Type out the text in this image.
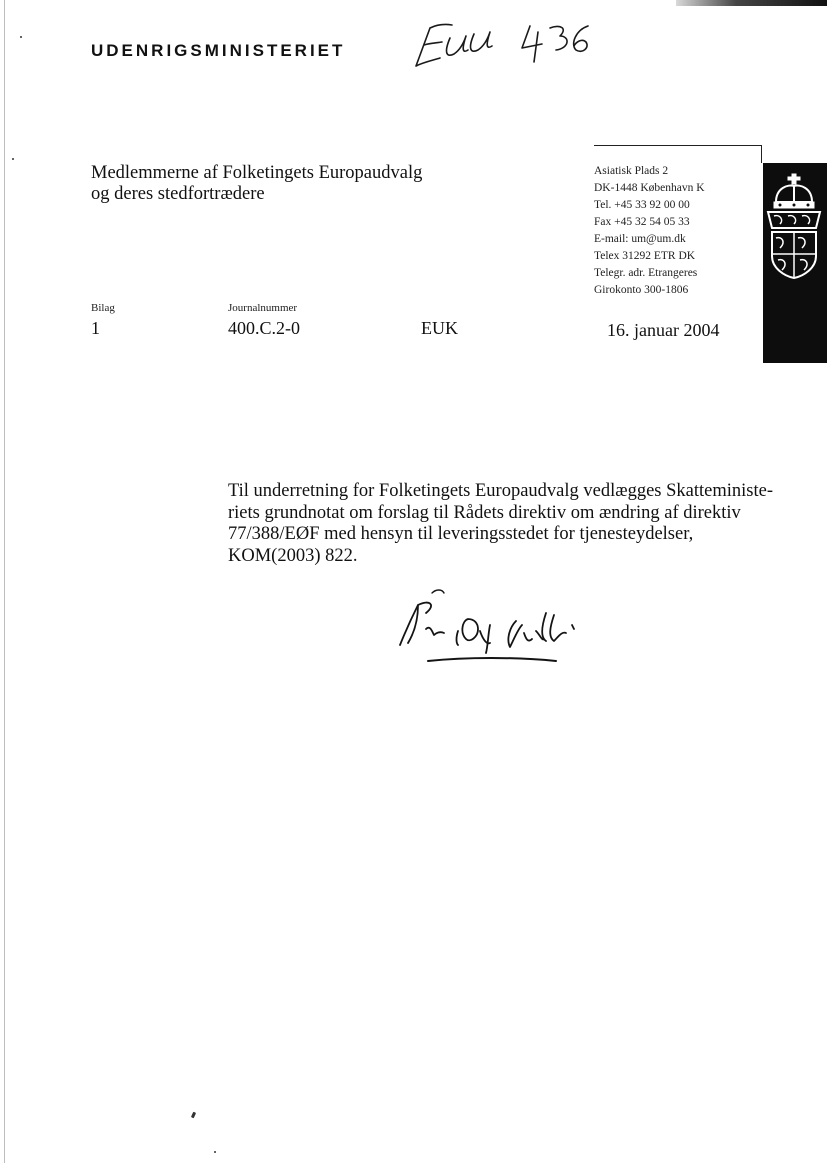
UDENRIGSMINISTERIET
Medlemmerne af Folketingets Europaudvalg
og deres stedfortrædere
Asiatisk Plads 2
DK-1448 København K
Tel. +45 33 92 00 00
Fax +45 32 54 05 33
E-mail: um@um.dk
Telex 31292 ETR DK
Telegr. adr. Etrangeres
Girokonto 300-1806
Bilag
1
Journalnummer
400.C.2-0	EUK	16. januar 2004
Til underretning for Folketingets Europaudvalg vedlægges Skatteministe-
riets grundnotat om forslag til Rådets direktiv om ændring af direktiv
77/388/EØF med hensyn til leveringsstedet for tjenesteydelser,
KOM(2003) 822.
